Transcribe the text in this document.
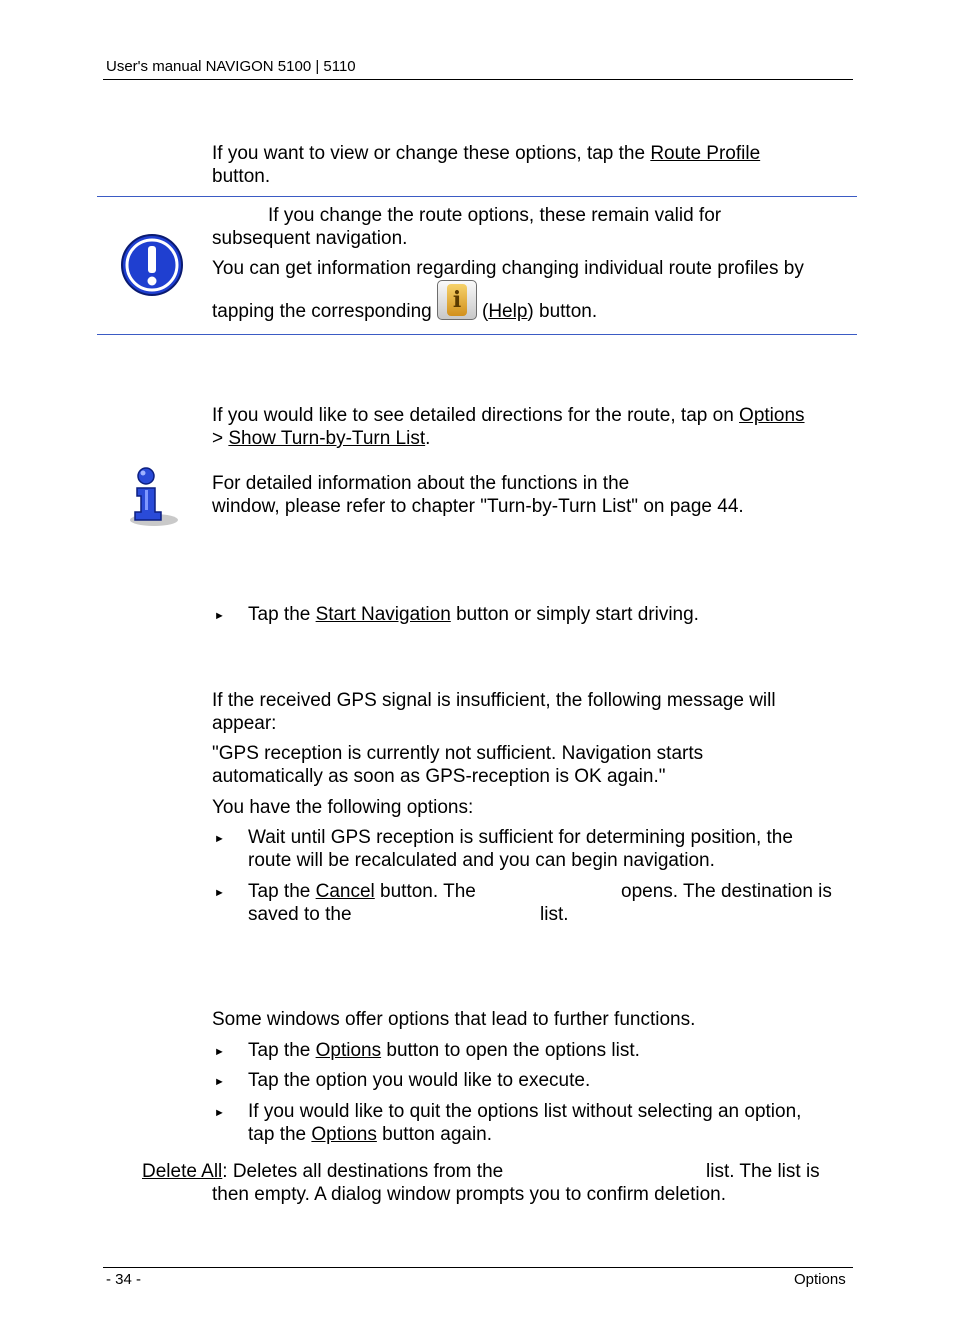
User's manual NAVIGON 5100 | 5110
If you want to view or change these options, tap the Route Profile
button.
If you change the route options, these remain valid for
subsequent navigation.
You can get information regarding changing individual route profiles by
tapping the corresponding i	(Help) button.
If you would like to see detailed directions for the route, tap on Options
> Show Turn-by-Turn List.
For detailed information about the functions in the
window, please refer to chapter "Turn-by-Turn List" on page 44.
► Tap the Start Navigation button or simply start driving.
If the received GPS signal is insufficient, the following message will
appear:
"GPS reception is currently not sufficient. Navigation starts
automatically as soon as GPS-reception is OK again."
You have the following options:
► Wait until GPS reception is sufficient for determining position, the
route will be recalculated and you can begin navigation.
► Tap the Cancel button. The	opens. The destination is
saved to the	list.
Some windows offer options that lead to further functions.
► Tap the Options button to open the options list.
► Tap the option you would like to execute.
► If you would like to quit the options list without selecting an option,
tap the Options button again.
Delete All: Deletes all destinations from the	list. The list is
then empty. A dialog window prompts you to confirm deletion.
- 34 -	Options
